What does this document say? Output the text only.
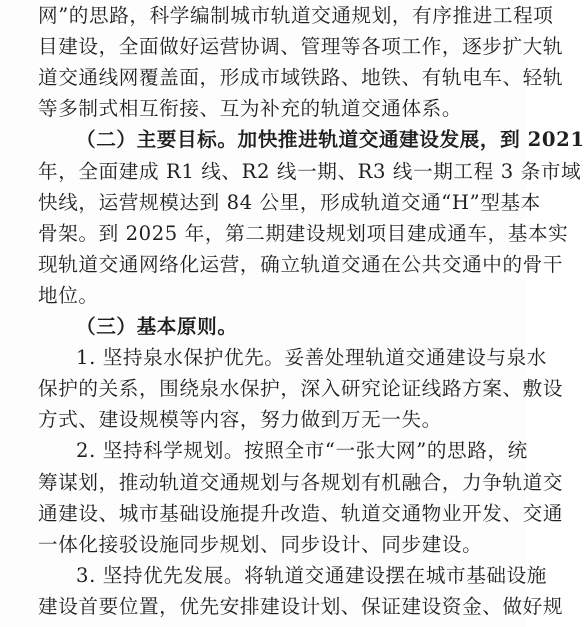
网”的思路，科学编制城市轨道交通规划，有序推进工程项
目建设，全面做好运营协调、管理等各项工作，逐步扩大轨
道交通线网覆盖面，形成市域铁路、地铁、有轨电车、轻轨
等多制式相互衔接、互为补充的轨道交通体系。
（二）主要目标。加快推进轨道交通建设发展，到 2021
年，全面建成 R1 线、R2 线一期、R3 线一期工程 3 条市域
快线，运营规模达到 84 公里，形成轨道交通“H”型基本
骨架。到 2025 年，第二期建设规划项目建成通车，基本实
现轨道交通网络化运营，确立轨道交通在公共交通中的骨干
地位。
（三）基本原则。
1. 坚持泉水保护优先。妥善处理轨道交通建设与泉水
保护的关系，围绕泉水保护，深入研究论证线路方案、敷设
方式、建设规模等内容，努力做到万无一失。
2. 坚持科学规划。按照全市“一张大网”的思路，统
筹谋划，推动轨道交通规划与各规划有机融合，力争轨道交
通建设、城市基础设施提升改造、轨道交通物业开发、交通
一体化接驳设施同步规划、同步设计、同步建设。
3. 坚持优先发展。将轨道交通建设摆在城市基础设施
建设首要位置，优先安排建设计划、保证建设资金、做好规
